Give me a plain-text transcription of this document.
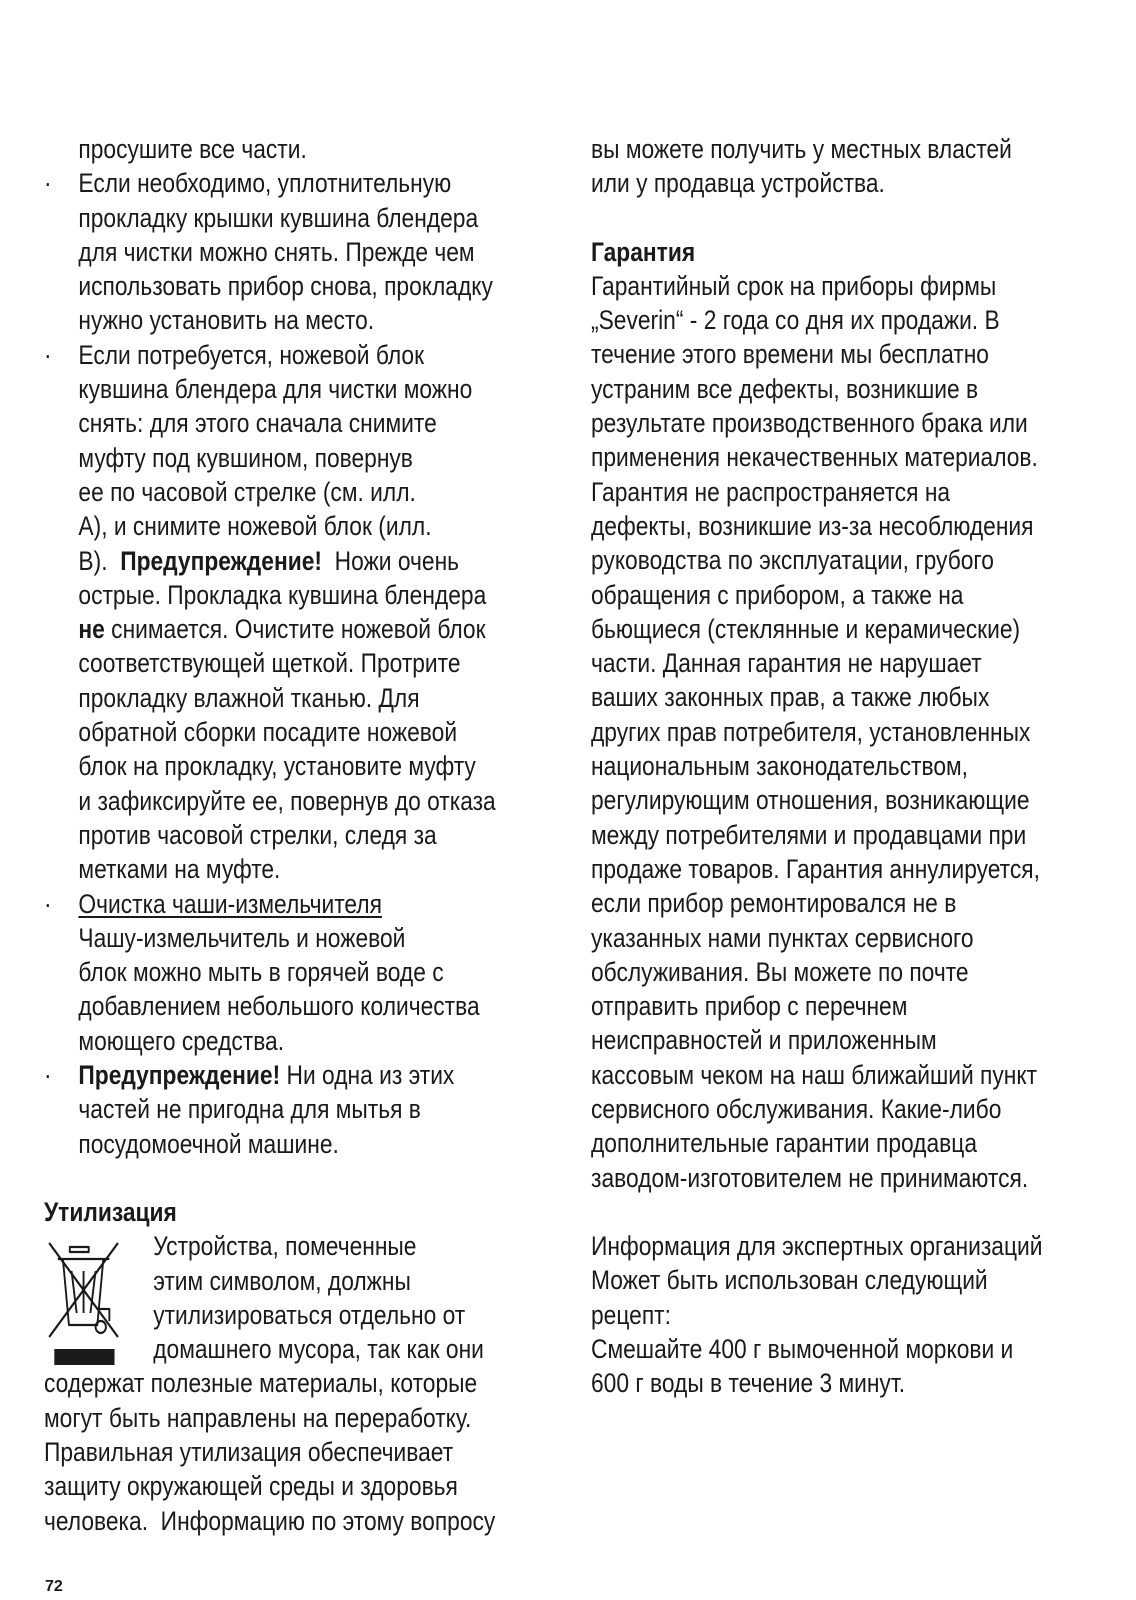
просушите все части.
·	Если необходимо, уплотнительную
прокладку крышки кувшина блендера
для чистки можно снять. Прежде чем
использовать прибор снова, прокладку
нужно установить на место.
·	Если потребуется, ножевой блок
кувшина блендера для чистки можно
снять: для этого сначала снимите
муфту под кувшином, повернув
ее по часовой стрелке (см. илл.
A), и снимите ножевой блок (илл.
B).  Предупреждение!  Ножи очень
острые. Прокладка кувшина блендера
не снимается. Очистите ножевой блок
соответствующей щеткой. Протрите
прокладку влажной тканью. Для
обратной сборки посадите ножевой
блок на прокладку, установите муфту
и зафиксируйте ее, повернув до отказа
против часовой стрелки, следя за
метками на муфте.
·	Очистка чаши-измельчителя
Чашу-измельчитель и ножевой
блок можно мыть в горячей воде с
добавлением небольшого количества
моющего средства.
·	Предупреждение! Ни одна из этих
частей не пригодна для мытья в
посудомоечной машине.
Утилизация
Устройства, помеченные
этим символом, должны
утилизироваться отдельно от
домашнего мусора, так как они
содержат полезные материалы, которые
могут быть направлены на переработку.
Правильная утилизация обеспечивает
защиту окружающей среды и здоровья
человека.  Информацию по этому вопросу
вы можете получить у местных властей
или у продавца устройства.
Гарантия
Гарантийный срок на приборы фирмы
„Severin“ - 2 года со дня их продажи. В
течение этого времени мы бесплатно
устраним все дефекты, возникшие в
результате производственного брака или
применения некачественных материалов.
Гарантия не распространяется на
дефекты, возникшие из-за несоблюдения
руководства по эксплуатации, грубого
обращения с прибором, а также на
бьющиеся (стеклянные и керамические)
части. Данная гарантия не нарушает
ваших законных прав, а также любых
других прав потребителя, установленных
национальным законодательством,
регулирующим отношения, возникающие
между потребителями и продавцами при
продаже товаров. Гарантия аннулируется,
если прибор ремонтировался не в
указанных нами пунктах сервисного
обслуживания. Вы можете по почте
отправить прибор с перечнем
неисправностей и приложенным
кассовым чеком на наш ближайший пункт
сервисного обслуживания. Какие-либо
дополнительные гарантии продавца
заводом-изготовителем не принимаются.
Информация для экспертных организаций
Может быть использован следующий
рецепт:
Смешайте 400 г вымоченной моркови и
600 г воды в течение 3 минут.
72
